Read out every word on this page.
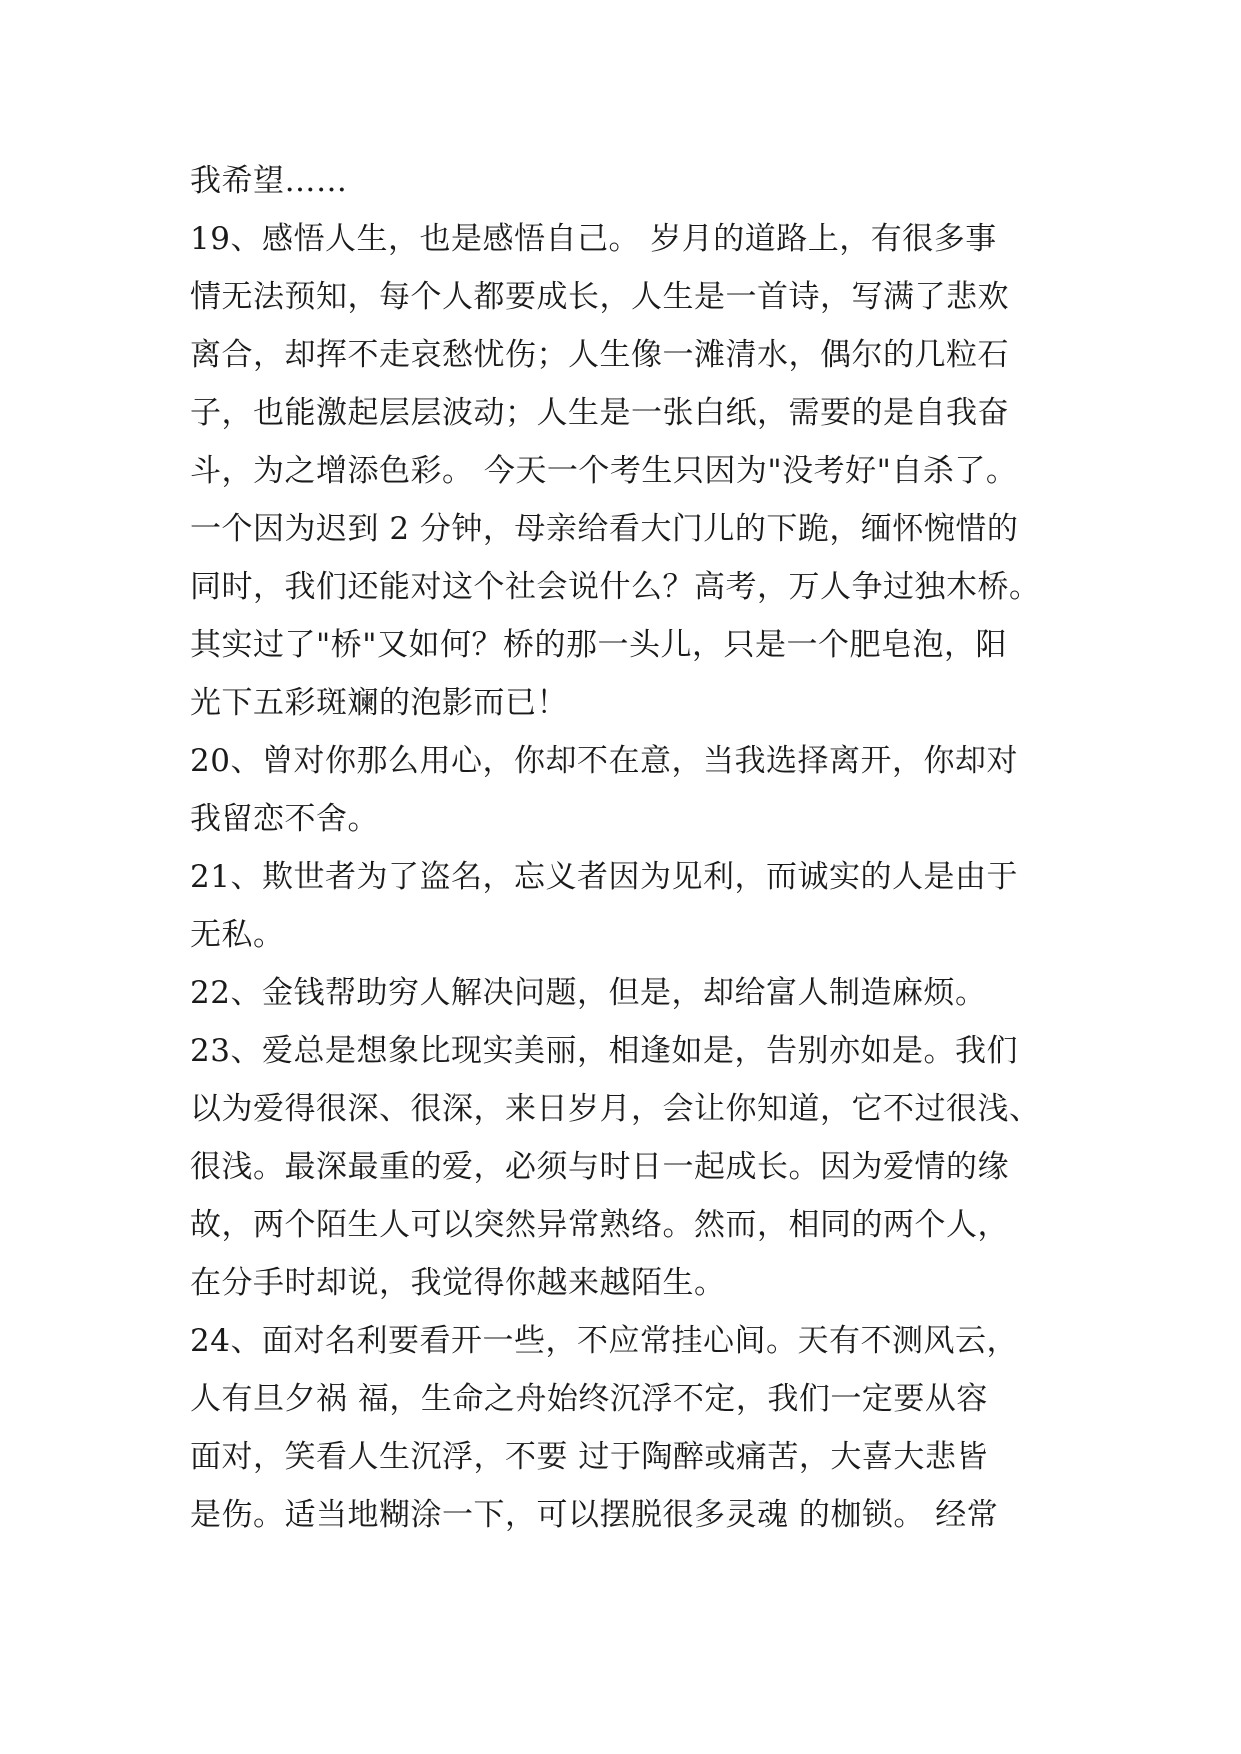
我希望……
19、感悟人生，也是感悟自己。 岁月的道路上，有很多事
情无法预知，每个人都要成长，人生是一首诗，写满了悲欢
离合，却挥不走哀愁忧伤；人生像一滩清水，偶尔的几粒石
子，也能激起层层波动；人生是一张白纸，需要的是自我奋
斗，为之增添色彩。 今天一个考生只因为"没考好"自杀了。
一个因为迟到 2 分钟，母亲给看大门儿的下跪，缅怀惋惜的
同时，我们还能对这个社会说什么？高考，万人争过独木桥。
其实过了"桥"又如何？桥的那一头儿，只是一个肥皂泡，阳
光下五彩斑斓的泡影而已！
20、曾对你那么用心，你却不在意，当我选择离开，你却对
我留恋不舍。
21、欺世者为了盗名，忘义者因为见利，而诚实的人是由于
无私。
22、金钱帮助穷人解决问题，但是，却给富人制造麻烦。
23、爱总是想象比现实美丽，相逢如是，告别亦如是。我们
以为爱得很深、很深，来日岁月，会让你知道，它不过很浅、
很浅。最深最重的爱，必须与时日一起成长。因为爱情的缘
故，两个陌生人可以突然异常熟络。然而，相同的两个人，
在分手时却说，我觉得你越来越陌生。
24、面对名利要看开一些，不应常挂心间。天有不测风云，
人有旦夕祸 福，生命之舟始终沉浮不定，我们一定要从容
面对，笑看人生沉浮，不要 过于陶醉或痛苦，大喜大悲皆
是伤。适当地糊涂一下，可以摆脱很多灵魂 的枷锁。 经常
